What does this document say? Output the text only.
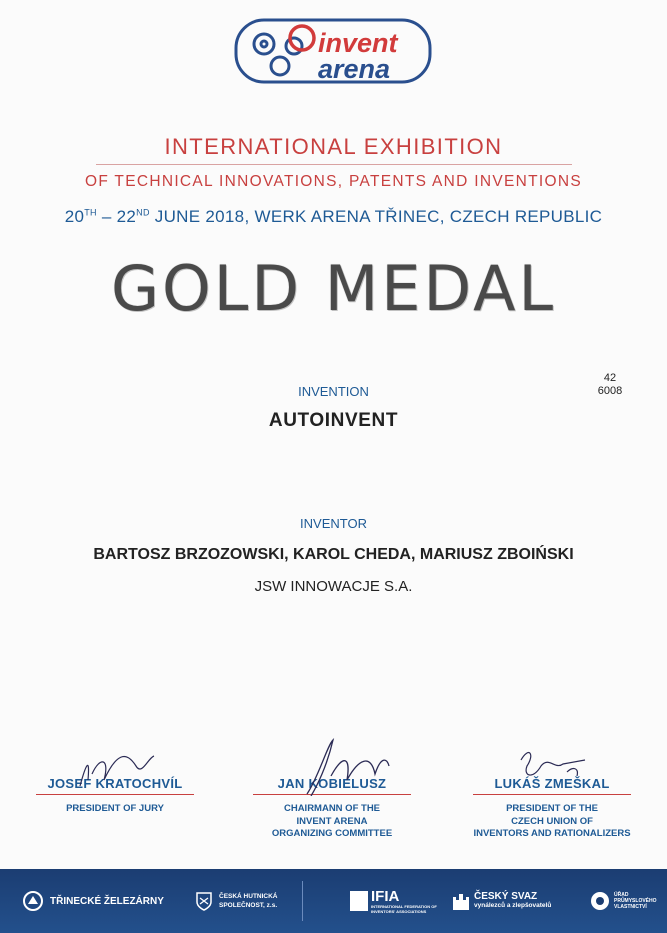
invent
arena
INTERNATIONAL EXHIBITION
OF TECHNICAL INNOVATIONS, PATENTS AND INVENTIONS
20TH – 22ND JUNE 2018, WERK ARENA TŘINEC, CZECH REPUBLIC
GOLD MEDAL
INVENTION
AUTOINVENT
42
6008
INVENTOR
BARTOSZ BRZOZOWSKI, KAROL CHEDA, MARIUSZ ZBOIŃSKI
JSW INNOWACJE S.A.
JOSEF KRATOCHVÍL
PRESIDENT OF JURY
JAN KOBIELUSZ
CHAIRMANN OF THE
INVENT ARENA
ORGANIZING COMMITTEE
LUKÁŠ ZMEŠKAL
PRESIDENT OF THE
CZECH UNION OF
INVENTORS AND RATIONALIZERS
TŘINECKÉ ŽELEZÁRNY	ČESKÁ HUTNICKÁ
SPOLEČNOST, z.s.
IFIA
INTERNATIONAL FEDERATION OF INVENTORS' ASSOCIATIONS
ČESKÝ SVAZ
vynálezců a zlepšovatelů
ÚŘAD
PRŮMYSLOVÉHO
VLASTNICTVÍ
